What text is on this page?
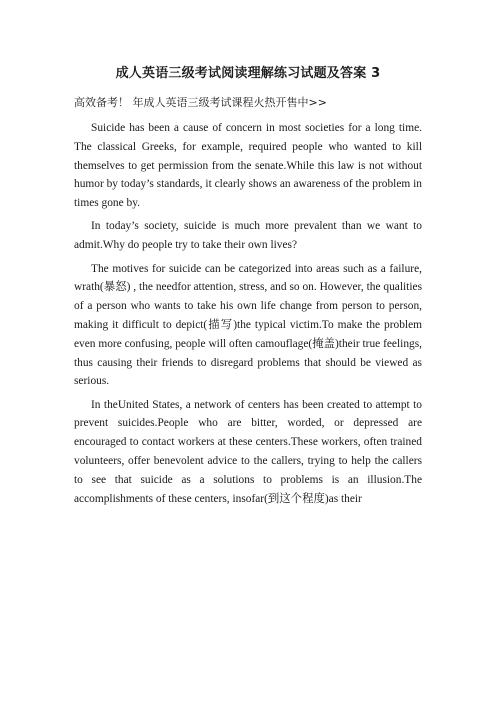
成人英语三级考试阅读理解练习试题及答案 3
高效备考！ 年成人英语三级考试课程火热开售中>>

Suicide has been a cause of concern in most societies for a long time. The classical Greeks, for example, required people who wanted to kill themselves to get permission from the senate.While this law is not without humor by today’s standards, it clearly shows an awareness of the problem in times gone by.

In today’s society, suicide is much more prevalent than we want to admit.Why do people try to take their own lives?

The motives for suicide can be categorized into areas such as a failure, wrath(暴怒) , the needfor attention, stress, and so on. However, the qualities of a person who wants to take his own life change from person to person, making it difficult to depict(描写)the typical victim.To make the problem even more confusing, people will often camouflage(掩盖)their true feelings, thus causing their friends to disregard problems that should be viewed as serious.

In theUnited States, a network of centers has been created to attempt to prevent suicides.People who are bitter, worded, or depressed are encouraged to contact workers at these centers.These workers, often trained volunteers, offer benevolent advice to the callers, trying to help the callers to see that suicide as a solutions to problems is an illusion.The accomplishments of these centers, insofar(到这个程度)as their
